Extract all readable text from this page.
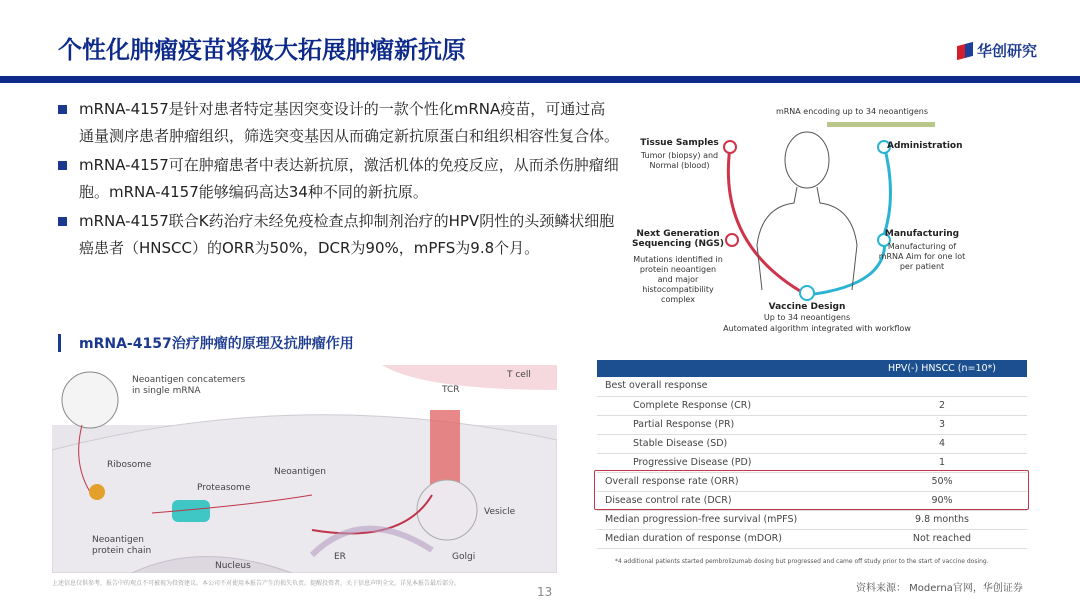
个性化肿瘤疫苗将极大拓展肿瘤新抗原	华创研究
mRNA-4157是针对患者特定基因突变设计的一款个性化mRNA疫苗，可通过高通量测序患者肿瘤组织，筛选突变基因从而确定新抗原蛋白和组织相容性复合体。
mRNA-4157可在肿瘤患者中表达新抗原，激活机体的免疫反应，从而杀伤肿瘤细胞。mRNA-4157能够编码高达34种不同的新抗原。
mRNA-4157联合K药治疗未经免疫检查点抑制剂治疗的HPV阴性的头颈鳞状细胞癌患者（HNSCC）的ORR为50%，DCR为90%，mPFS为9.8个月。
mRNA encoding up to 34 neoantigens
Tissue Samples
Tumor (biopsy) and Normal (blood)
Next Generation Sequencing (NGS)
Mutations identified in protein neoantigen and major histocompatibility complex
Vaccine Design
Up to 34 neoantigens
Automated algorithm integrated with workflow
Manufacturing
Manufacturing of mRNA Aim for one lot per patient
Administration
mRNA-4157治疗肿瘤的原理及抗肿瘤作用
Neoantigen concatemers in single mRNA
T cell
TCR
Ribosome
Neoantigen
Proteasome
Neoantigen protein chain
Vesicle
Nucleus
ER	Golgi
上述信息仅供参考，报告中的观点不可被视为投资建议。本公司不对使用本报告产生的损失负责。提醒投资者，关于信息声明全文，详见本报告最后部分。
13
	HPV(-) HNSCC (n=10*)
Best overall response	
Complete Response (CR)	2
Partial Response (PR)	3
Stable Disease (SD)	4
Progressive Disease (PD)	1
Overall response rate (ORR)	50%
Disease control rate (DCR)	90%
Median progression-free survival (mPFS)	9.8 months
Median duration of response (mDOR)	Not reached
*4 additional patients started pembrolizumab dosing but progressed and came off study prior to the start of vaccine dosing.
资料来源： Moderna官网，华创证券
